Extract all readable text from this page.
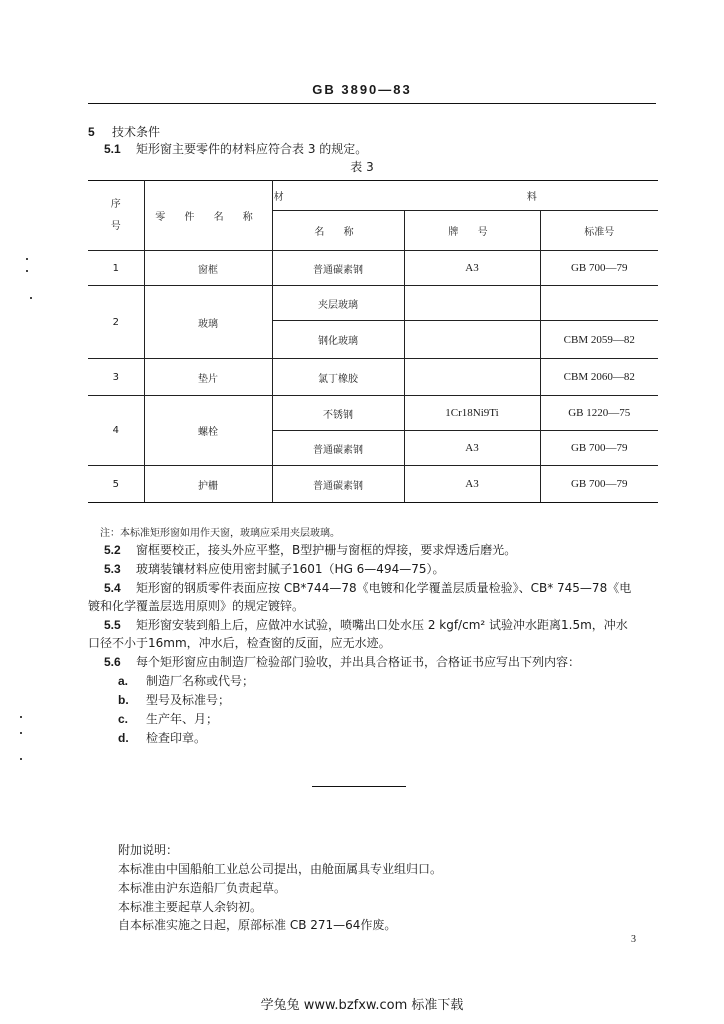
GB 3890—83
5 技术条件
5.1 矩形窗主要零件的材料应符合表 3 的规定。
表 3
序号	零 件 名 称	材 料		
		名 称	牌 号	标准号
1	窗框	普通碳素钢	A3	GB 700—79
2	玻璃	夹层玻璃		
		钢化玻璃		CBM 2059—82
3	垫片	氯丁橡胶		CBM 2060—82
4	螺栓	不锈钢	1Cr18Ni9Ti	GB 1220—75
		普通碳素钢	A3	GB 700—79
5	护栅	普通碳素钢	A3	GB 700—79
注：本标准矩形窗如用作天窗，玻璃应采用夹层玻璃。
5.2 窗框要校正，接头外应平整，B型护栅与窗框的焊接，要求焊透后磨光。
5.3 玻璃装镶材料应使用密封腻子1601（HG 6—494—75）。
5.4 矩形窗的钢质零件表面应按 CB*744—78《电镀和化学覆盖层质量检验》、CB* 745—78《电
镀和化学覆盖层选用原则》的规定镀锌。
5.5 矩形窗安装到船上后，应做冲水试验，喷嘴出口处水压 2 kgf/cm² 试验冲水距离1.5m，冲水
口径不小于16mm，冲水后，检查窗的反面，应无水迹。
5.6 每个矩形窗应由制造厂检验部门验收，并出具合格证书，合格证书应写出下列内容：
a. 制造厂名称或代号；
b. 型号及标准号；
c. 生产年、月；
d. 检查印章。
附加说明：
本标准由中国船舶工业总公司提出，由舱面属具专业组归口。
本标准由沪东造船厂负责起草。
本标准主要起草人余钧初。
自本标准实施之日起，原部标准 CB 271—64作废。
3
学兔兔 www.bzfxw.com 标准下载
